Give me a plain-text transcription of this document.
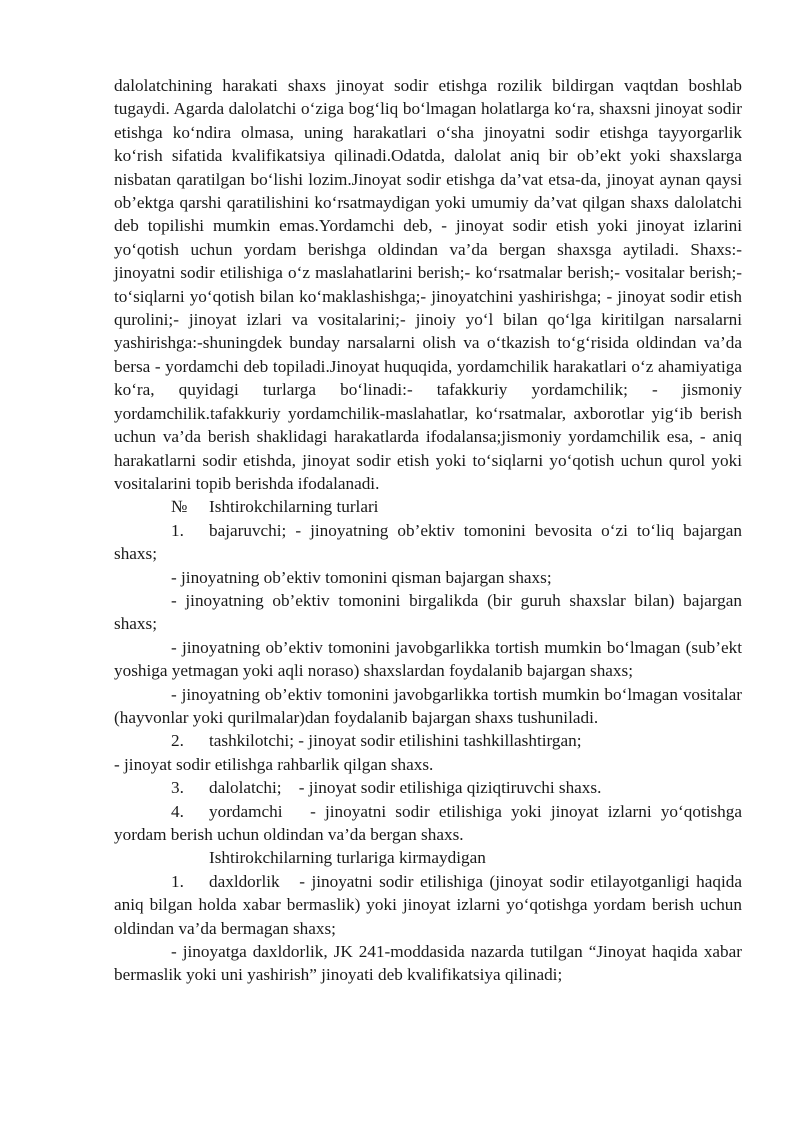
dalolatchining harakati shaxs jinoyat sodir etishga rozilik bildirgan vaqtdan boshlab tugaydi. Agarda dalolatchi o‘ziga bog‘liq bo‘lmagan holatlarga ko‘ra, shaxsni jinoyat sodir etishga ko‘ndira olmasa, uning harakatlari o‘sha jinoyatni sodir etishga tayyorgarlik ko‘rish sifatida kvalifikatsiya qilinadi.Odatda, dalolat aniq bir ob’ekt yoki shaxslarga nisbatan qaratilgan bo‘lishi lozim.Jinoyat sodir etishga da’vat etsa-da, jinoyat aynan qaysi ob’ektga qarshi qaratilishini ko‘rsatmaydigan yoki umumiy da’vat qilgan shaxs dalolatchi deb topilishi mumkin emas.Yordamchi deb, - jinoyat sodir etish yoki jinoyat izlarini yo‘qotish uchun yordam berishga oldindan va’da bergan shaxsga aytiladi. Shaxs:- jinoyatni sodir etilishiga o‘z maslahatlarini berish;- ko‘rsatmalar berish;- vositalar berish;- to‘siqlarni yo‘qotish bilan ko‘maklashishga;- jinoyatchini yashirishga; - jinoyat sodir etish qurolini;- jinoyat izlari va vositalarini;- jinoiy yo‘l bilan qo‘lga kiritilgan narsalarni yashirishga:-shuningdek bunday narsalarni olish va o‘tkazish to‘g‘risida oldindan va’da bersa - yordamchi deb topiladi.Jinoyat huquqida, yordamchilik harakatlari o‘z ahamiyatiga ko‘ra, quyidagi turlarga bo‘linadi:- tafakkuriy yordamchilik; - jismoniy yordamchilik.tafakkuriy yordamchilik-maslahatlar, ko‘rsatmalar, axborotlar yig‘ib berish uchun va’da berish shaklidagi harakatlarda ifodalansa;jismoniy yordamchilik esa, - aniq harakatlarni sodir etishda, jinoyat sodir etish yoki to‘siqlarni yo‘qotish uchun qurol yoki vositalarini topib berishda ifodalanadi.

№ Ishtirokchilarning turlari

1. bajaruvchi; - jinoyatning ob’ektiv tomonini bevosita o‘zi to‘liq bajargan shaxs;

- jinoyatning ob’ektiv tomonini qisman bajargan shaxs;

- jinoyatning ob’ektiv tomonini birgalikda (bir guruh shaxslar bilan) bajargan shaxs;

- jinoyatning ob’ektiv tomonini javobgarlikka tortish mumkin bo‘lmagan (sub’ekt yoshiga yetmagan yoki aqli noraso) shaxslardan foydalanib bajargan shaxs;

- jinoyatning ob’ektiv tomonini javobgarlikka tortish mumkin bo‘lmagan vositalar (hayvonlar yoki qurilmalar)dan foydalanib bajargan shaxs tushuniladi.

2. tashkilotchi; - jinoyat sodir etilishini tashkillashtirgan;

- jinoyat sodir etilishga rahbarlik qilgan shaxs.

3. dalolatchi;    - jinoyat sodir etilishiga qiziqtiruvchi shaxs.

4. yordamchi   - jinoyatni sodir etilishiga yoki jinoyat izlarni yo‘qotishga yordam berish uchun oldindan va’da bergan shaxs.

Ishtirokchilarning turlariga kirmaydigan

1. daxldorlik   - jinoyatni sodir etilishiga (jinoyat sodir etilayotganligi haqida aniq bilgan holda xabar bermaslik) yoki jinoyat izlarni yo‘qotishga yordam berish uchun oldindan va’da bermagan shaxs;

- jinoyatga daxldorlik, JK 241-moddasida nazarda tutilgan “Jinoyat haqida xabar bermaslik yoki uni yashirish” jinoyati deb kvalifikatsiya qilinadi;
